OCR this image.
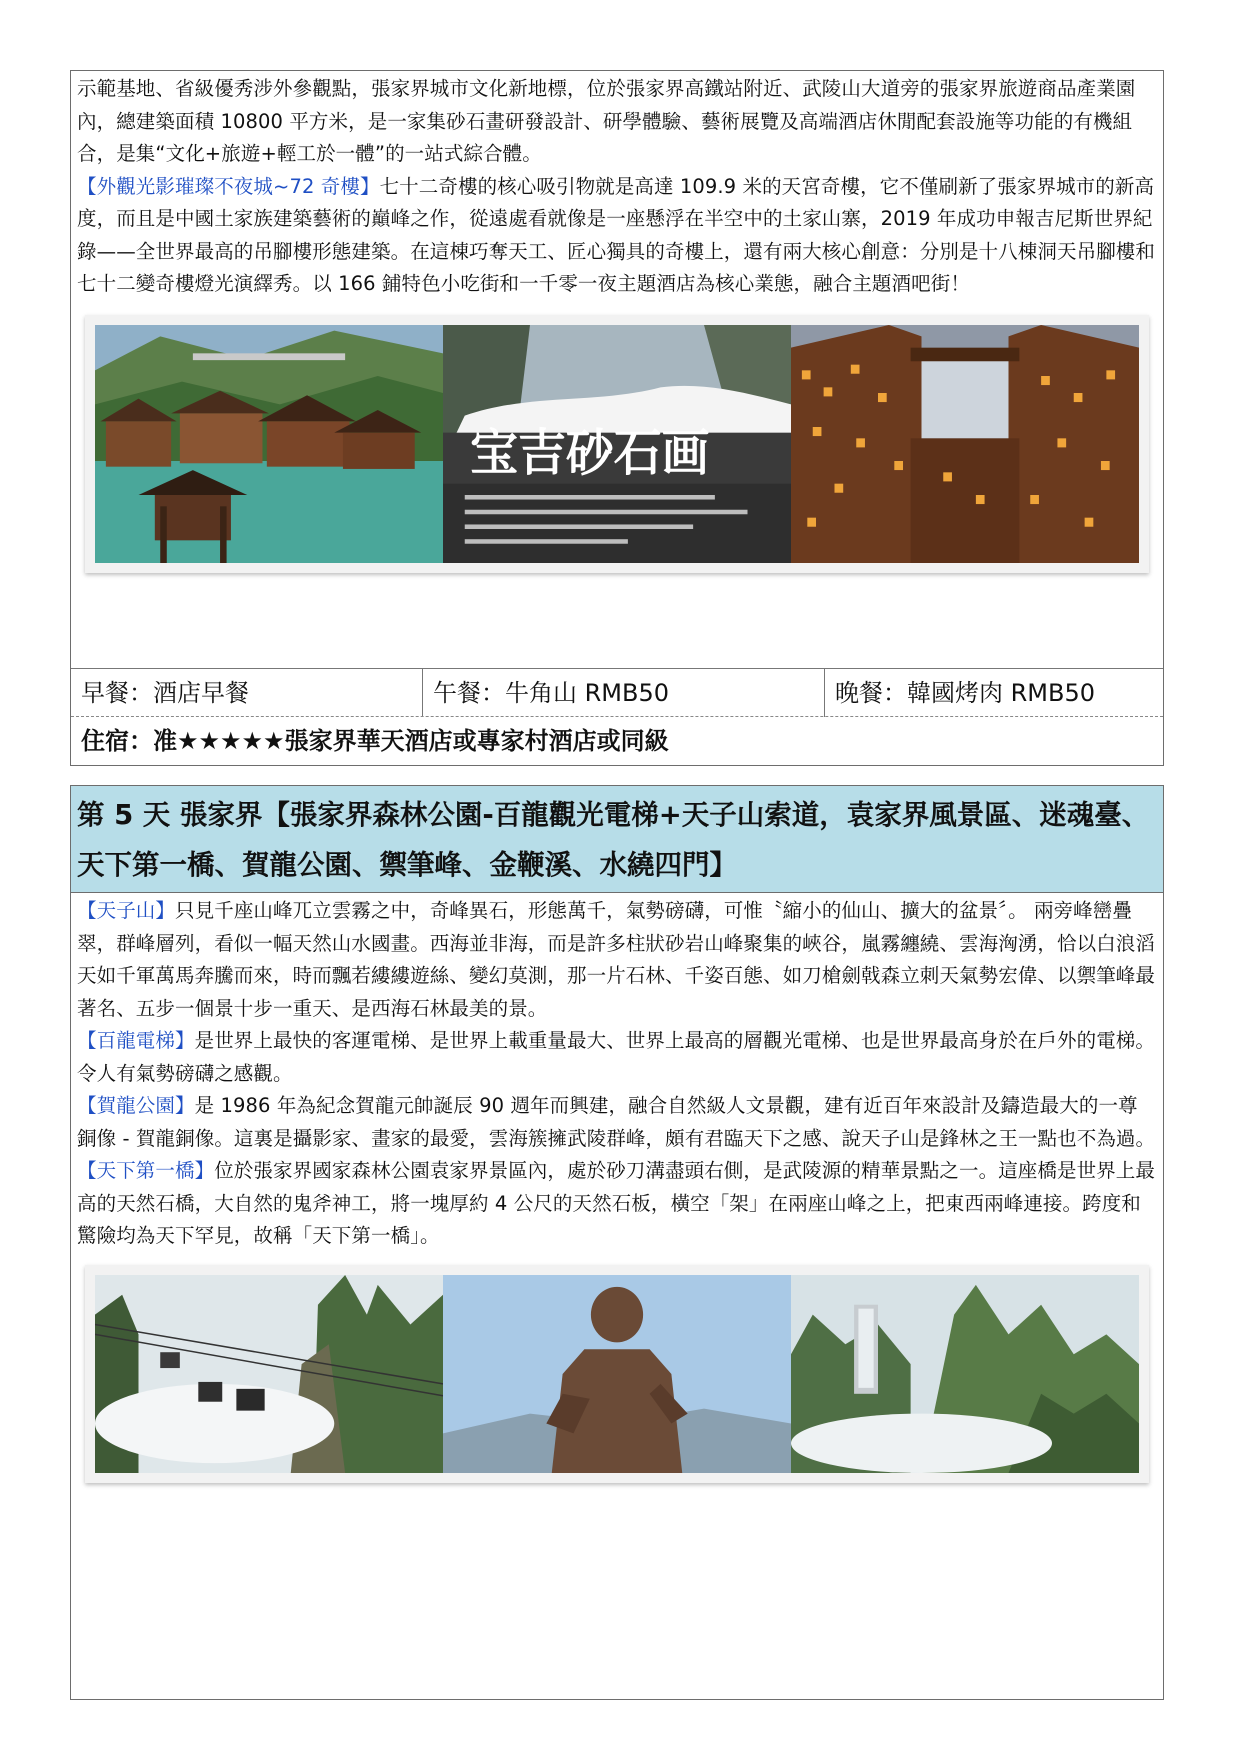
示範基地、省級優秀涉外參觀點，張家界城市文化新地標，位於張家界高鐵站附近、武陵山大道旁的張家界旅遊商品產業園內，總建築面積 10800 平方米，是一家集砂石畫研發設計、研學體驗、藝術展覽及高端酒店休閒配套設施等功能的有機組合，是集“文化+旅遊+輕工於一體”的一站式綜合體。

【外觀光影璀璨不夜城~72 奇樓】七十二奇樓的核心吸引物就是高達 109.9 米的天宮奇樓，它不僅刷新了張家界城市的新高度，而且是中國土家族建築藝術的巔峰之作，從遠處看就像是一座懸浮在半空中的土家山寨，2019 年成功申報吉尼斯世界紀錄——全世界最高的吊腳樓形態建築。在這棟巧奪天工、匠心獨具的奇樓上，還有兩大核心創意：分別是十八棟洞天吊腳樓和七十二變奇樓燈光演繹秀。以 166 鋪特色小吃街和一千零一夜主題酒店為核心業態，融合主題酒吧街！

宝吉砂石画
早餐：酒店早餐	午餐：牛角山 RMB50	晚餐：韓國烤肉 RMB50
住宿：准★★★★★張家界華天酒店或專家村酒店或同級
第 5 天 張家界【張家界森林公園-百龍觀光電梯+天子山索道，袁家界風景區、迷魂臺、天下第一橋、賀龍公園、禦筆峰、金鞭溪、水繞四門】

【天子山】只見千座山峰兀立雲霧之中，奇峰異石，形態萬千，氣勢磅礴，可惟〝縮小的仙山、擴大的盆景〞。 兩旁峰巒疊翠，群峰層列，看似一幅天然山水國畫。西海並非海，而是許多柱狀砂岩山峰聚集的峽谷，嵐霧纏繞、雲海洶湧，恰以白浪滔天如千軍萬馬奔騰而來，時而飄若縷縷遊絲、變幻莫測，那一片石林、千姿百態、如刀槍劍戟森立刺天氣勢宏偉、以禦筆峰最著名、五步一個景十步一重天、是西海石林最美的景。

【百龍電梯】是世界上最快的客運電梯、是世界上載重量最大、世界上最高的層觀光電梯、也是世界最高身於在戶外的電梯。 令人有氣勢磅礴之感觀。

【賀龍公園】是 1986 年為紀念賀龍元帥誕辰 90 週年而興建，融合自然級人文景觀，建有近百年來設計及鑄造最大的一尊銅像 - 賀龍銅像。這裏是攝影家、畫家的最愛，雲海簇擁武陵群峰，頗有君臨天下之感、說天子山是鋒林之王一點也不為過。

【天下第一橋】位於張家界國家森林公園袁家界景區內，處於砂刀溝盡頭右側，是武陵源的精華景點之一。這座橋是世界上最高的天然石橋，大自然的鬼斧神工，將一塊厚約 4 公尺的天然石板，橫空「架」在兩座山峰之上，把東西兩峰連接。跨度和驚險均為天下罕見，故稱「天下第一橋」。
